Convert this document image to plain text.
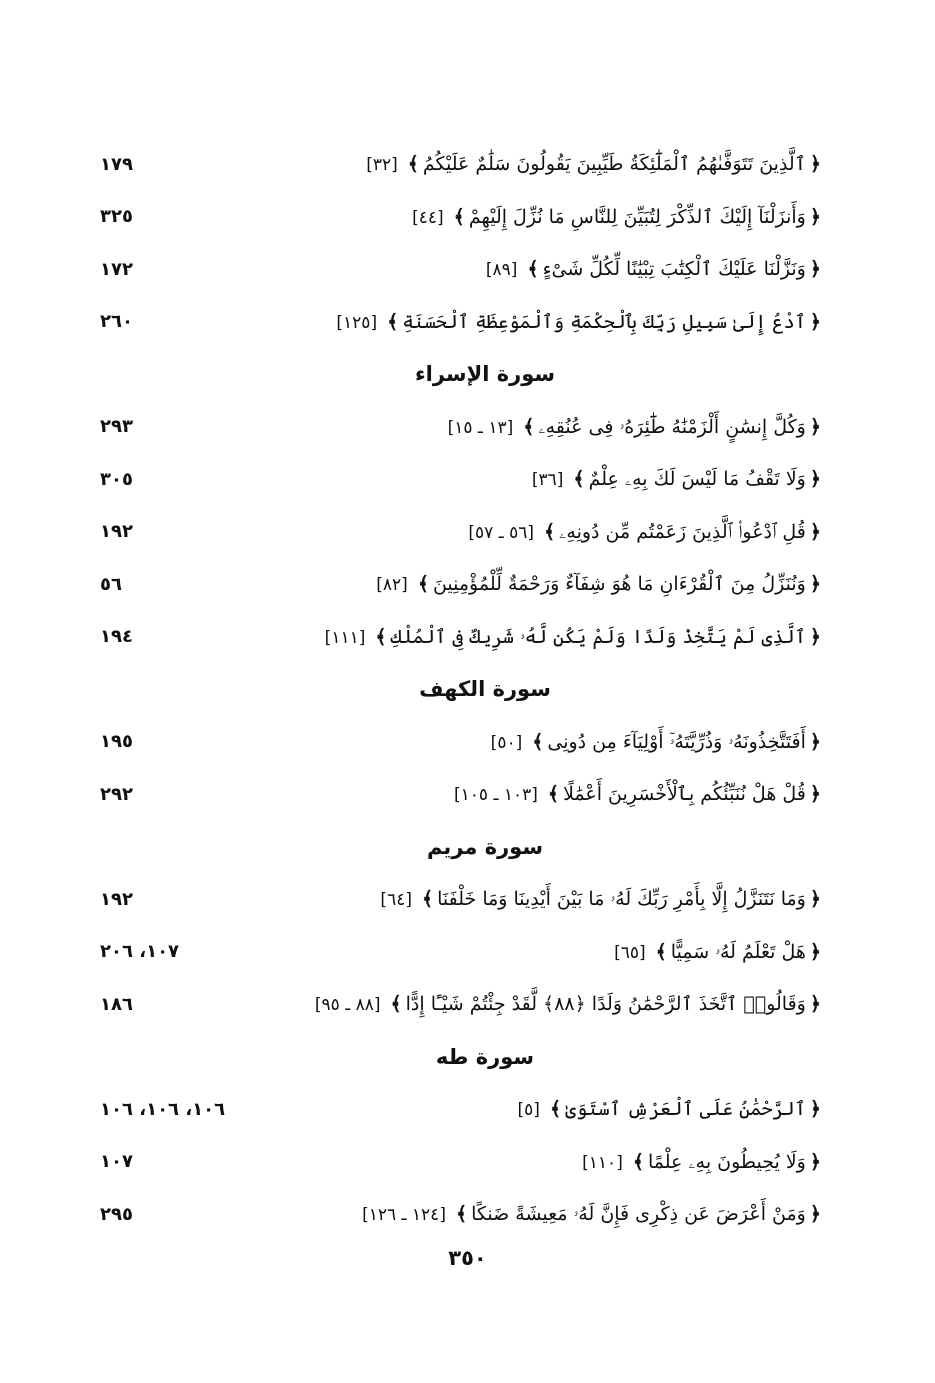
١٧٩	﴿ٱلَّذِينَ تَتَوَفَّىٰهُمُ ٱلْمَلَٰٓئِكَةُ طَيِّبِينَ يَقُولُونَ سَلَٰمٌ عَلَيْكُمُ﴾[٣٢]
٣٢٥	﴿وَأَنزَلْنَآ إِلَيْكَ ٱلذِّكْرَ لِتُبَيِّنَ لِلنَّاسِ مَا نُزِّلَ إِلَيْهِمْ﴾[٤٤]
١٧٢	﴿وَنَزَّلْنَا عَلَيْكَ ٱلْكِتَٰبَ تِبْيَٰنًا لِّكُلِّ شَىْءٍ﴾[٨٩]
٢٦٠	﴿ٱدْعُ إِلَىٰ سَبِيلِ رَبِّكَ بِٱلْحِكْمَةِ وَٱلْمَوْعِظَةِ ٱلْحَسَنَةِ﴾[١٢٥]
سورة الإسراء
٢٩٣	﴿وَكُلَّ إِنسَٰنٍ أَلْزَمْنَٰهُ طَٰٓئِرَهُۥ فِى عُنُقِهِۦ﴾[١٣ ـ ١٥]
٣٠٥	﴿وَلَا تَقْفُ مَا لَيْسَ لَكَ بِهِۦ عِلْمٌ﴾[٣٦]
١٩٢	﴿قُلِ ٱدْعُوا۟ ٱلَّذِينَ زَعَمْتُم مِّن دُونِهِۦ﴾[٥٦ ـ ٥٧]
٥٦	﴿وَنُنَزِّلُ مِنَ ٱلْقُرْءَانِ مَا هُوَ شِفَآءٌ وَرَحْمَةٌ لِّلْمُؤْمِنِينَ﴾[٨٢]
١٩٤	﴿ٱلَّذِى لَمْ يَتَّخِذْ وَلَدًا وَلَمْ يَكُن لَّهُۥ شَرِيكٌ فِى ٱلْمُلْكِ﴾[١١١]
سورة الكهف
١٩٥	﴿أَفَتَتَّخِذُونَهُۥ وَذُرِّيَّتَهُۥٓ أَوْلِيَآءَ مِن دُونِى﴾[٥٠]
٢٩٢	﴿قُلْ هَلْ نُنَبِّئُكُم بِٱلْأَخْسَرِينَ أَعْمَٰلًا﴾[١٠٣ ـ ١٠٥]
سورة مريم
١٩٢	﴿وَمَا نَتَنَزَّلُ إِلَّا بِأَمْرِ رَبِّكَ لَهُۥ مَا بَيْنَ أَيْدِينَا وَمَا خَلْفَنَا﴾[٦٤]
١٠٧، ٢٠٦	﴿هَلْ تَعْلَمُ لَهُۥ سَمِيًّا﴾[٦٥]
١٨٦	﴿وَقَالُوا۟ ٱتَّخَذَ ٱلرَّحْمَٰنُ وَلَدًا ﴿٨٨﴾ لَّقَدْ جِئْتُمْ شَيْـًٔا إِدًّا﴾[٨٨ ـ ٩٥]
سورة طه
١٠٦، ١٠٦، ١٠٦	﴿ٱلرَّحْمَٰنُ عَلَى ٱلْعَرْشِ ٱسْتَوَىٰ﴾[٥]
١٠٧	﴿وَلَا يُحِيطُونَ بِهِۦ عِلْمًا﴾[١١٠]
٢٩٥	﴿وَمَنْ أَعْرَضَ عَن ذِكْرِى فَإِنَّ لَهُۥ مَعِيشَةً ضَنكًا﴾[١٢٤ ـ ١٢٦]
٣٥٠
